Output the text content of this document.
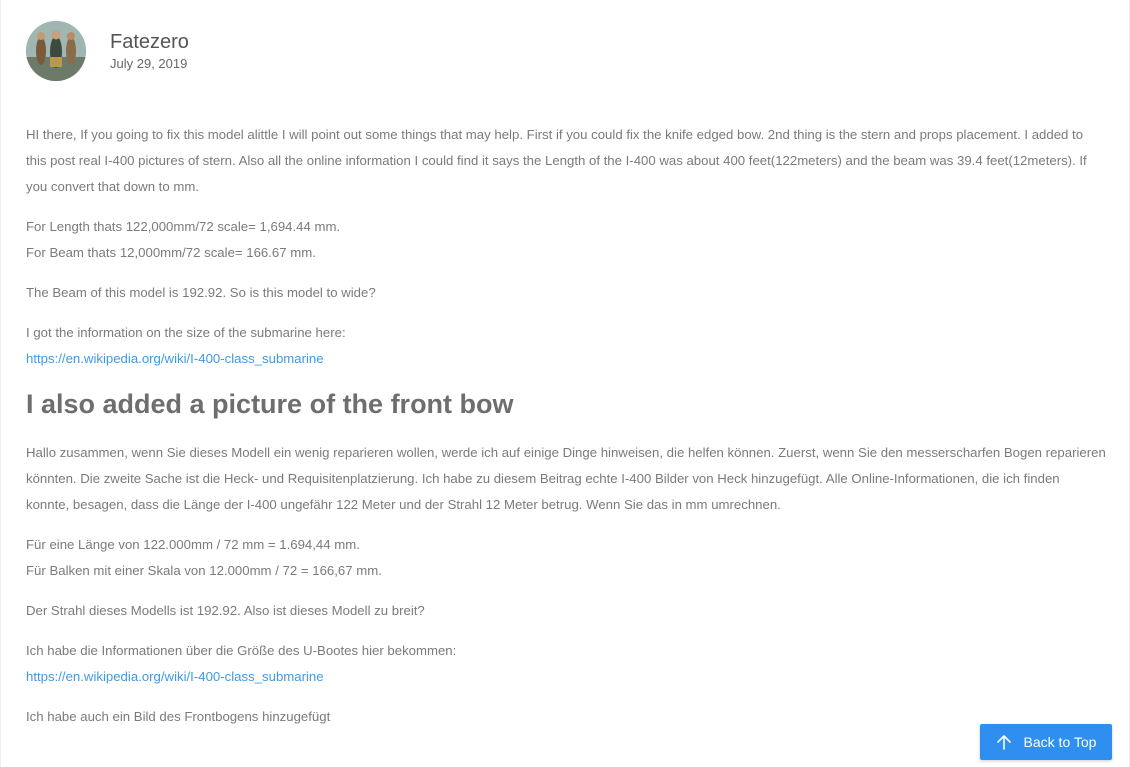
Fatezero
July 29, 2019

HI there, If you going to fix this model alittle I will point out some things that may help. First if you could fix the knife edged bow. 2nd thing is the stern and props placement. I added to this post real I-400 pictures of stern. Also all the online information I could find it says the Length of the I-400 was about 400 feet(122meters) and the beam was 39.4 feet(12meters). If you convert that down to mm.

For Length thats 122,000mm/72 scale= 1,694.44 mm.
For Beam thats 12,000mm/72 scale= 166.67 mm.

The Beam of this model is 192.92. So is this model to wide?

I got the information on the size of the submarine here:
https://en.wikipedia.org/wiki/I-400-class_submarine

I also added a picture of the front bow

Hallo zusammen, wenn Sie dieses Modell ein wenig reparieren wollen, werde ich auf einige Dinge hinweisen, die helfen können. Zuerst, wenn Sie den messerscharfen Bogen reparieren könnten. Die zweite Sache ist die Heck- und Requisitenplatzierung. Ich habe zu diesem Beitrag echte I-400 Bilder von Heck hinzugefügt. Alle Online-Informationen, die ich finden konnte, besagen, dass die Länge der I-400 ungefähr 122 Meter und der Strahl 12 Meter betrug. Wenn Sie das in mm umrechnen.

Für eine Länge von 122.000mm / 72 mm = 1.694,44 mm.
Für Balken mit einer Skala von 12.000mm / 72 = 166,67 mm.

Der Strahl dieses Modells ist 192.92. Also ist dieses Modell zu breit?

Ich habe die Informationen über die Größe des U-Bootes hier bekommen:
https://en.wikipedia.org/wiki/I-400-class_submarine

Ich habe auch ein Bild des Frontbogens hinzugefügt

Back to Top
